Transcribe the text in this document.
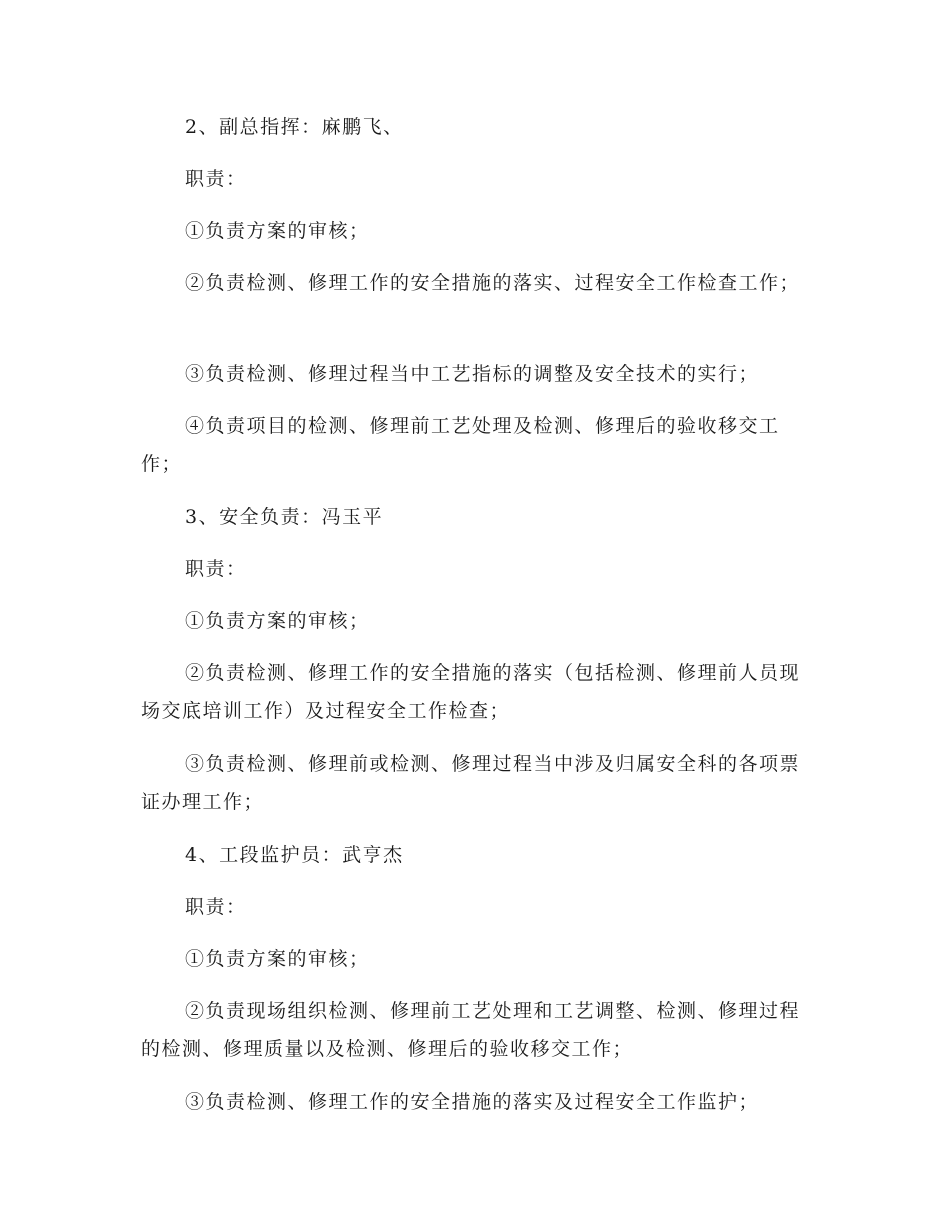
2、副总指挥：麻鹏飞、

职责：

①负责方案的审核；

②负责检测、修理工作的安全措施的落实、过程安全工作检查工作；

③负责检测、修理过程当中工艺指标的调整及安全技术的实行；

④负责项目的检测、修理前工艺处理及检测、修理后的验收移交工作；

3、安全负责：冯玉平

职责：

①负责方案的审核；

②负责检测、修理工作的安全措施的落实（包括检测、修理前人员现场交底培训工作）及过程安全工作检查；

③负责检测、修理前或检测、修理过程当中涉及归属安全科的各项票证办理工作；

4、工段监护员：武亨杰

职责：

①负责方案的审核；

②负责现场组织检测、修理前工艺处理和工艺调整、检测、修理过程的检测、修理质量以及检测、修理后的验收移交工作；

③负责检测、修理工作的安全措施的落实及过程安全工作监护；
